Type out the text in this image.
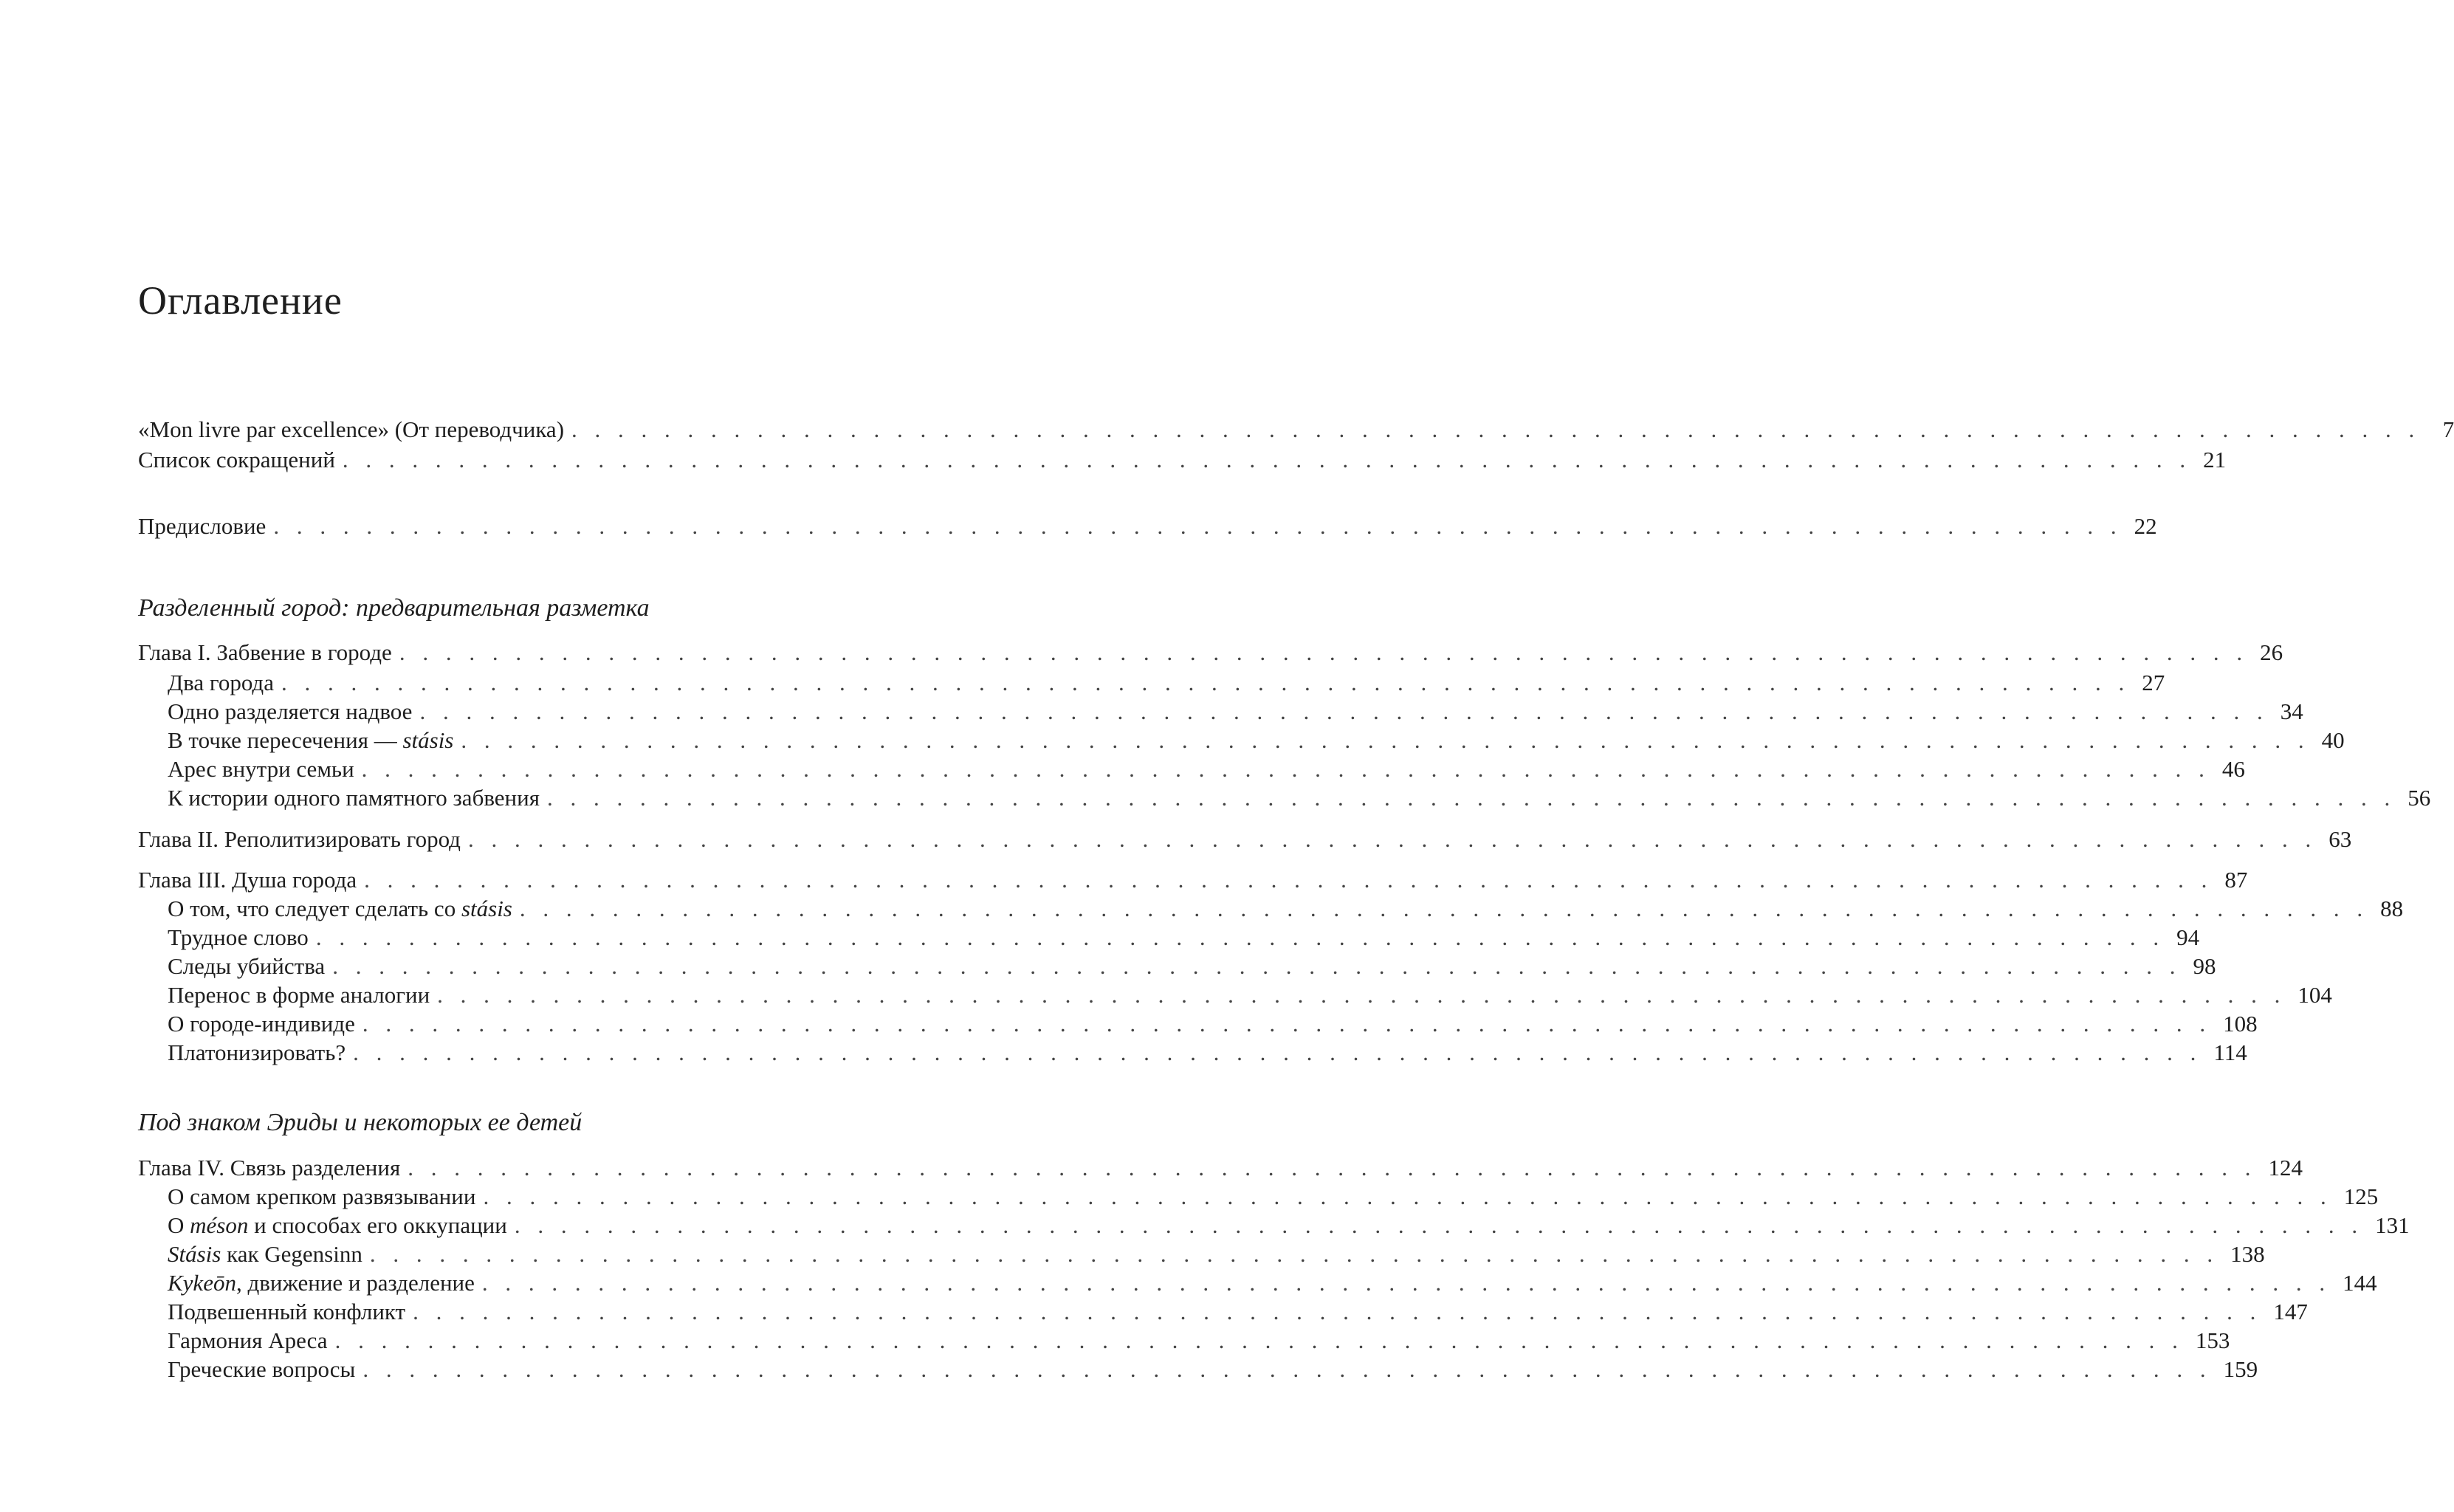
Оглавление
«Mon livre par excellence» (От переводчика) . . . . . . . . . . . . . . . . . . . . . . . . . . . . . . . . . . . . . . . . . . . . . . . . . . . . . . . . . . . . . . . . . . . . . . . . . . . . . . . . 7
Список сокращений . . . . . . . . . . . . . . . . . . . . . . . . . . . . . . . . . . . . . . . . . . . . . . . . . . . . . . . . . . . . . . . . . . . . . . . . . . . . . . . . 21
Предисловие . . . . . . . . . . . . . . . . . . . . . . . . . . . . . . . . . . . . . . . . . . . . . . . . . . . . . . . . . . . . . . . . . . . . . . . . . . . . . . . . 22
Разделенный город: предварительная разметка
Глава I. Забвение в городе . . . . . . . . . . . . . . . . . . . . . . . . . . . . . . . . . . . . . . . . . . . . . . . . . . . . . . . . . . . . . . . . . . . . . . . . . . . . . . . . 26
Два города . . . . . . . . . . . . . . . . . . . . . . . . . . . . . . . . . . . . . . . . . . . . . . . . . . . . . . . . . . . . . . . . . . . . . . . . . . . . . . . . 27
Одно разделяется надвое . . . . . . . . . . . . . . . . . . . . . . . . . . . . . . . . . . . . . . . . . . . . . . . . . . . . . . . . . . . . . . . . . . . . . . . . . . . . . . . . 34
В точке пересечения — stásis . . . . . . . . . . . . . . . . . . . . . . . . . . . . . . . . . . . . . . . . . . . . . . . . . . . . . . . . . . . . . . . . . . . . . . . . . . . . . . . . 40
Арес внутри семьи . . . . . . . . . . . . . . . . . . . . . . . . . . . . . . . . . . . . . . . . . . . . . . . . . . . . . . . . . . . . . . . . . . . . . . . . . . . . . . . . 46
К истории одного памятного забвения . . . . . . . . . . . . . . . . . . . . . . . . . . . . . . . . . . . . . . . . . . . . . . . . . . . . . . . . . . . . . . . . . . . . . . . . . . . . . . . . 56
Глава II. Реполитизировать город . . . . . . . . . . . . . . . . . . . . . . . . . . . . . . . . . . . . . . . . . . . . . . . . . . . . . . . . . . . . . . . . . . . . . . . . . . . . . . . . 63
Глава III. Душа города . . . . . . . . . . . . . . . . . . . . . . . . . . . . . . . . . . . . . . . . . . . . . . . . . . . . . . . . . . . . . . . . . . . . . . . . . . . . . . . . 87
О том, что следует сделать со stásis . . . . . . . . . . . . . . . . . . . . . . . . . . . . . . . . . . . . . . . . . . . . . . . . . . . . . . . . . . . . . . . . . . . . . . . . . . . . . . . . 88
Трудное слово . . . . . . . . . . . . . . . . . . . . . . . . . . . . . . . . . . . . . . . . . . . . . . . . . . . . . . . . . . . . . . . . . . . . . . . . . . . . . . . . 94
Следы убийства . . . . . . . . . . . . . . . . . . . . . . . . . . . . . . . . . . . . . . . . . . . . . . . . . . . . . . . . . . . . . . . . . . . . . . . . . . . . . . . . 98
Перенос в форме аналогии . . . . . . . . . . . . . . . . . . . . . . . . . . . . . . . . . . . . . . . . . . . . . . . . . . . . . . . . . . . . . . . . . . . . . . . . . . . . . . . . 104
О городе-индивиде . . . . . . . . . . . . . . . . . . . . . . . . . . . . . . . . . . . . . . . . . . . . . . . . . . . . . . . . . . . . . . . . . . . . . . . . . . . . . . . . 108
Платонизировать? . . . . . . . . . . . . . . . . . . . . . . . . . . . . . . . . . . . . . . . . . . . . . . . . . . . . . . . . . . . . . . . . . . . . . . . . . . . . . . . . 114
Под знаком Эриды и некоторых ее детей
Глава IV. Связь разделения . . . . . . . . . . . . . . . . . . . . . . . . . . . . . . . . . . . . . . . . . . . . . . . . . . . . . . . . . . . . . . . . . . . . . . . . . . . . . . . . 124
О самом крепком развязывании . . . . . . . . . . . . . . . . . . . . . . . . . . . . . . . . . . . . . . . . . . . . . . . . . . . . . . . . . . . . . . . . . . . . . . . . . . . . . . . . 125
О méson и способах его оккупации . . . . . . . . . . . . . . . . . . . . . . . . . . . . . . . . . . . . . . . . . . . . . . . . . . . . . . . . . . . . . . . . . . . . . . . . . . . . . . . . 131
Stásis как Gegensinn . . . . . . . . . . . . . . . . . . . . . . . . . . . . . . . . . . . . . . . . . . . . . . . . . . . . . . . . . . . . . . . . . . . . . . . . . . . . . . . . 138
Kykeōn, движение и разделение . . . . . . . . . . . . . . . . . . . . . . . . . . . . . . . . . . . . . . . . . . . . . . . . . . . . . . . . . . . . . . . . . . . . . . . . . . . . . . . . 144
Подвешенный конфликт . . . . . . . . . . . . . . . . . . . . . . . . . . . . . . . . . . . . . . . . . . . . . . . . . . . . . . . . . . . . . . . . . . . . . . . . . . . . . . . . 147
Гармония Ареса . . . . . . . . . . . . . . . . . . . . . . . . . . . . . . . . . . . . . . . . . . . . . . . . . . . . . . . . . . . . . . . . . . . . . . . . . . . . . . . . 153
Греческие вопросы . . . . . . . . . . . . . . . . . . . . . . . . . . . . . . . . . . . . . . . . . . . . . . . . . . . . . . . . . . . . . . . . . . . . . . . . . . . . . . . . 159
